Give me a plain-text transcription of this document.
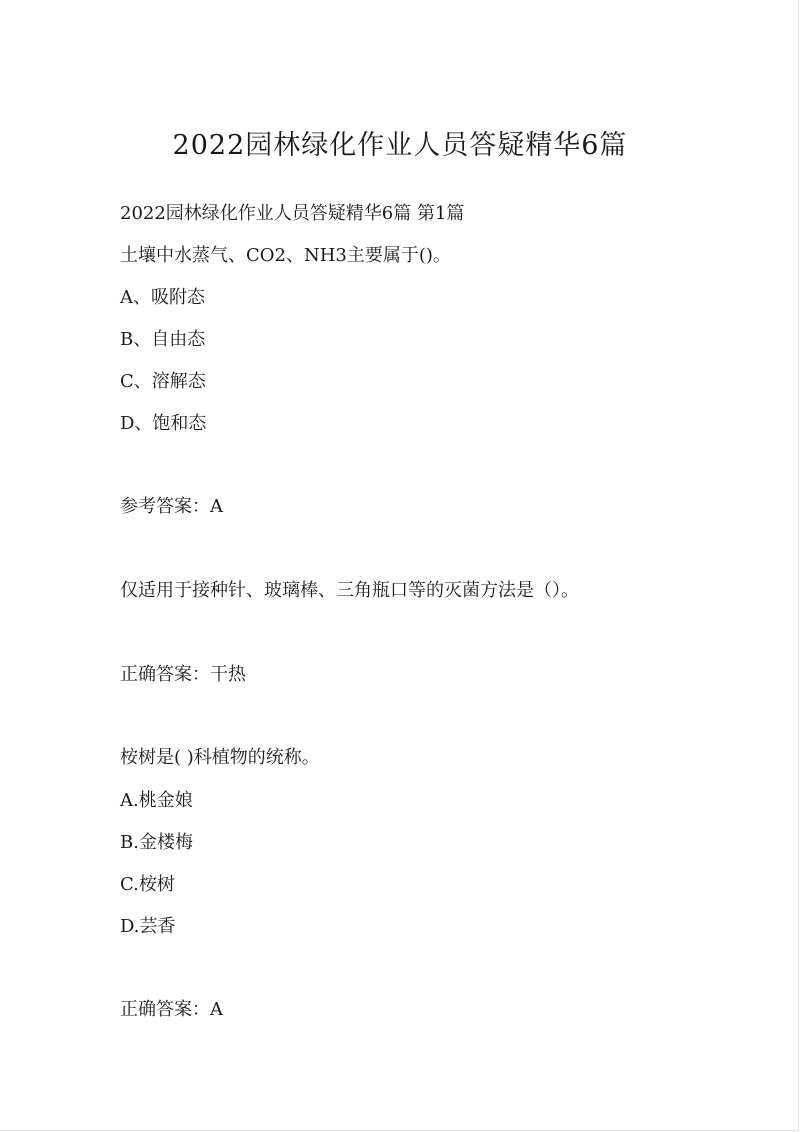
2022园林绿化作业人员答疑精华6篇
2022园林绿化作业人员答疑精华6篇 第1篇
土壤中水蒸气、CO2、NH3主要属于()。
A、吸附态
B、自由态
C、溶解态
D、饱和态
参考答案：A
仅适用于接种针、玻璃棒、三角瓶口等的灭菌方法是（）。
正确答案：干热
桉树是( )科植物的统称。
A.桃金娘
B.金楼梅
C.桉树
D.芸香
正确答案：A
